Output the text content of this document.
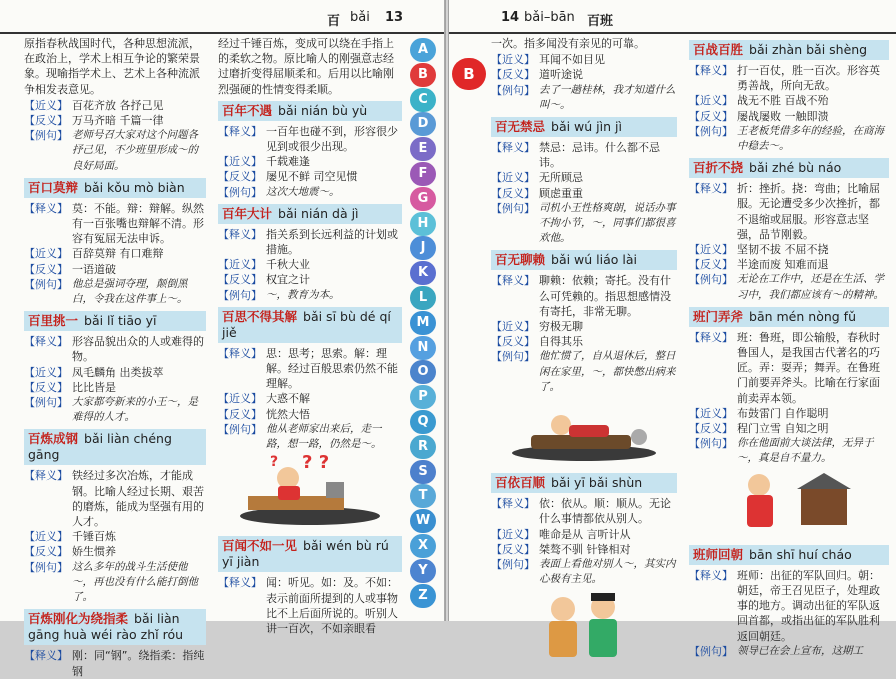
百 bǎi 13
原指春秋战国时代，各种思想流派，在政治上，学术上相互争论的繁荣景象。现喻指学术上、艺术上各种流派争相发表意见。
【近义】 百花齐放 各抒己见
【反义】 万马齐暗 千篇一律
【例句】 老师号召大家对这个问题各抒己见，不少班里形成～的良好局面。
百口莫辩 bǎi kǒu mò biàn
【释义】 莫：不能。辩：辩解。纵然有一百张嘴也辩解不清。形容有冤屈无法申诉。
【近义】 百辞莫辩 有口难辩
【反义】 一语道破
【例句】 他总是强词夺理，颠倒黑白，令我在这件事上～。
百里挑一 bǎi lǐ tiāo yī
【释义】 形容品貌出众的人或难得的物。
【近义】 凤毛麟角 出类拔萃
【反义】 比比皆是
【例句】 大家都夸新来的小王～，是难得的人才。
百炼成钢 bǎi liàn chéng gāng
【释义】 铁经过多次冶炼，才能成钢。比喻人经过长期、艰苦的磨炼，能成为坚强有用的人才。
【近义】 千锤百炼
【反义】 娇生惯养
【例句】 这么多年的战斗生活使他～，再也没有什么能打倒他了。
百炼刚化为绕指柔 bǎi liàn gāng huà wéi rào zhǐ róu
【释义】 刚：同“钢”。绕指柔：指纯钢
经过千锤百炼，变成可以绕在手指上的柔软之物。原比喻人的刚强意志经过磨折变得屈顺柔和。后用以比喻刚烈强硬的性情变得柔顺。
百年不遇 bǎi nián bù yù
【释义】 一百年也碰不到，形容很少见到或很少出现。
【近义】 千载难逢
【反义】 屡见不鲜 司空见惯
【例句】 这次大地震～。
百年大计 bǎi nián dà jì
【释义】 指关系到长远利益的计划或措施。
【近义】 千秋大业
【反义】 权宜之计
【例句】 ～，教育为本。
百思不得其解 bǎi sī bù dé qí jiě
【释义】 思：思考；思索。解：理解。经过百般思索仍然不能理解。
【近义】 大惑不解
【反义】 恍然大悟
【例句】 他从老师家出来后，走一路，想一路，仍然是～。
? ?
?
百闻不如一见 bǎi wén bù rú yī jiàn
【释义】 闻：听见。如：及。不如：表示前面所提到的人或事物比不上后面所说的。听别人讲一百次，不如亲眼看
A
B
C
D
E
F
G
H
J
K
L
M
N
O
P
Q
R
S
T
W
X
Y
Z
14 bǎi–bān 百班
一次。指多闻没有亲见的可靠。
【近义】 耳闻不如目见
【反义】 道听途说
【例句】 去了一趟桂林，我才知道什么叫～。
百无禁忌 bǎi wú jìn jì
【释义】 禁忌：忌讳。什么都不忌讳。
【近义】 无所顾忌
【反义】 顾虑重重
【例句】 司机小王性格爽朗，说话办事不拘小节，～，同事们都很喜欢他。
百无聊赖 bǎi wú liáo lài
【释义】 聊赖：依赖；寄托。没有什么可凭赖的。指思想感情没有寄托，非常无聊。
【近义】 穷极无聊
【反义】 自得其乐
【例句】 他忙惯了，自从退休后，整日闲在家里，～，都快憋出病来了。
百依百顺 bǎi yī bǎi shùn
【释义】 依：依从。顺：顺从。无论什么事情都依从别人。
【近义】 唯命是从 言听计从
【反义】 桀骜不驯 针锋相对
【例句】 表面上看他对别人～，其实内心极有主见。
百战百胜 bǎi zhàn bǎi shèng
【释义】 打一百仗，胜一百次。形容英勇善战，所向无敌。
【近义】 战无不胜 百战不殆
【反义】 屡战屡败 一触即溃
【例句】 王老板凭借多年的经验，在商海中稳去～。
百折不挠 bǎi zhé bù náo
【释义】 折：挫折。挠：弯曲；比喻屈服。无论遭受多少次挫折，都不退缩或屈服。形容意志坚强，品节刚毅。
【近义】 坚韧不拔 不屈不挠
【反义】 半途而废 知难而退
【例句】 无论在工作中，还是在生活、学习中，我们都应该有～的精神。
班门弄斧 bān mén nòng fǔ
【释义】 班：鲁班，即公输般，春秋时鲁国人，是我国古代著名的巧匠。弄：耍弄；舞弄。在鲁班门前要弄斧头。比喻在行家面前卖弄本领。
【近义】 布鼓雷门 自作聪明
【反义】 程门立雪 自知之明
【例句】 你在他面前大谈法律，无异于～，真是自不量力。
班师回朝 bān shī huí cháo
【释义】 班师：出征的军队回归。朝：朝廷，帝王召见臣子，处理政事的地方。调动出征的军队返回首都，或指出征的军队胜利返回朝廷。
【例句】 领导已在会上宣布，这期工
B
